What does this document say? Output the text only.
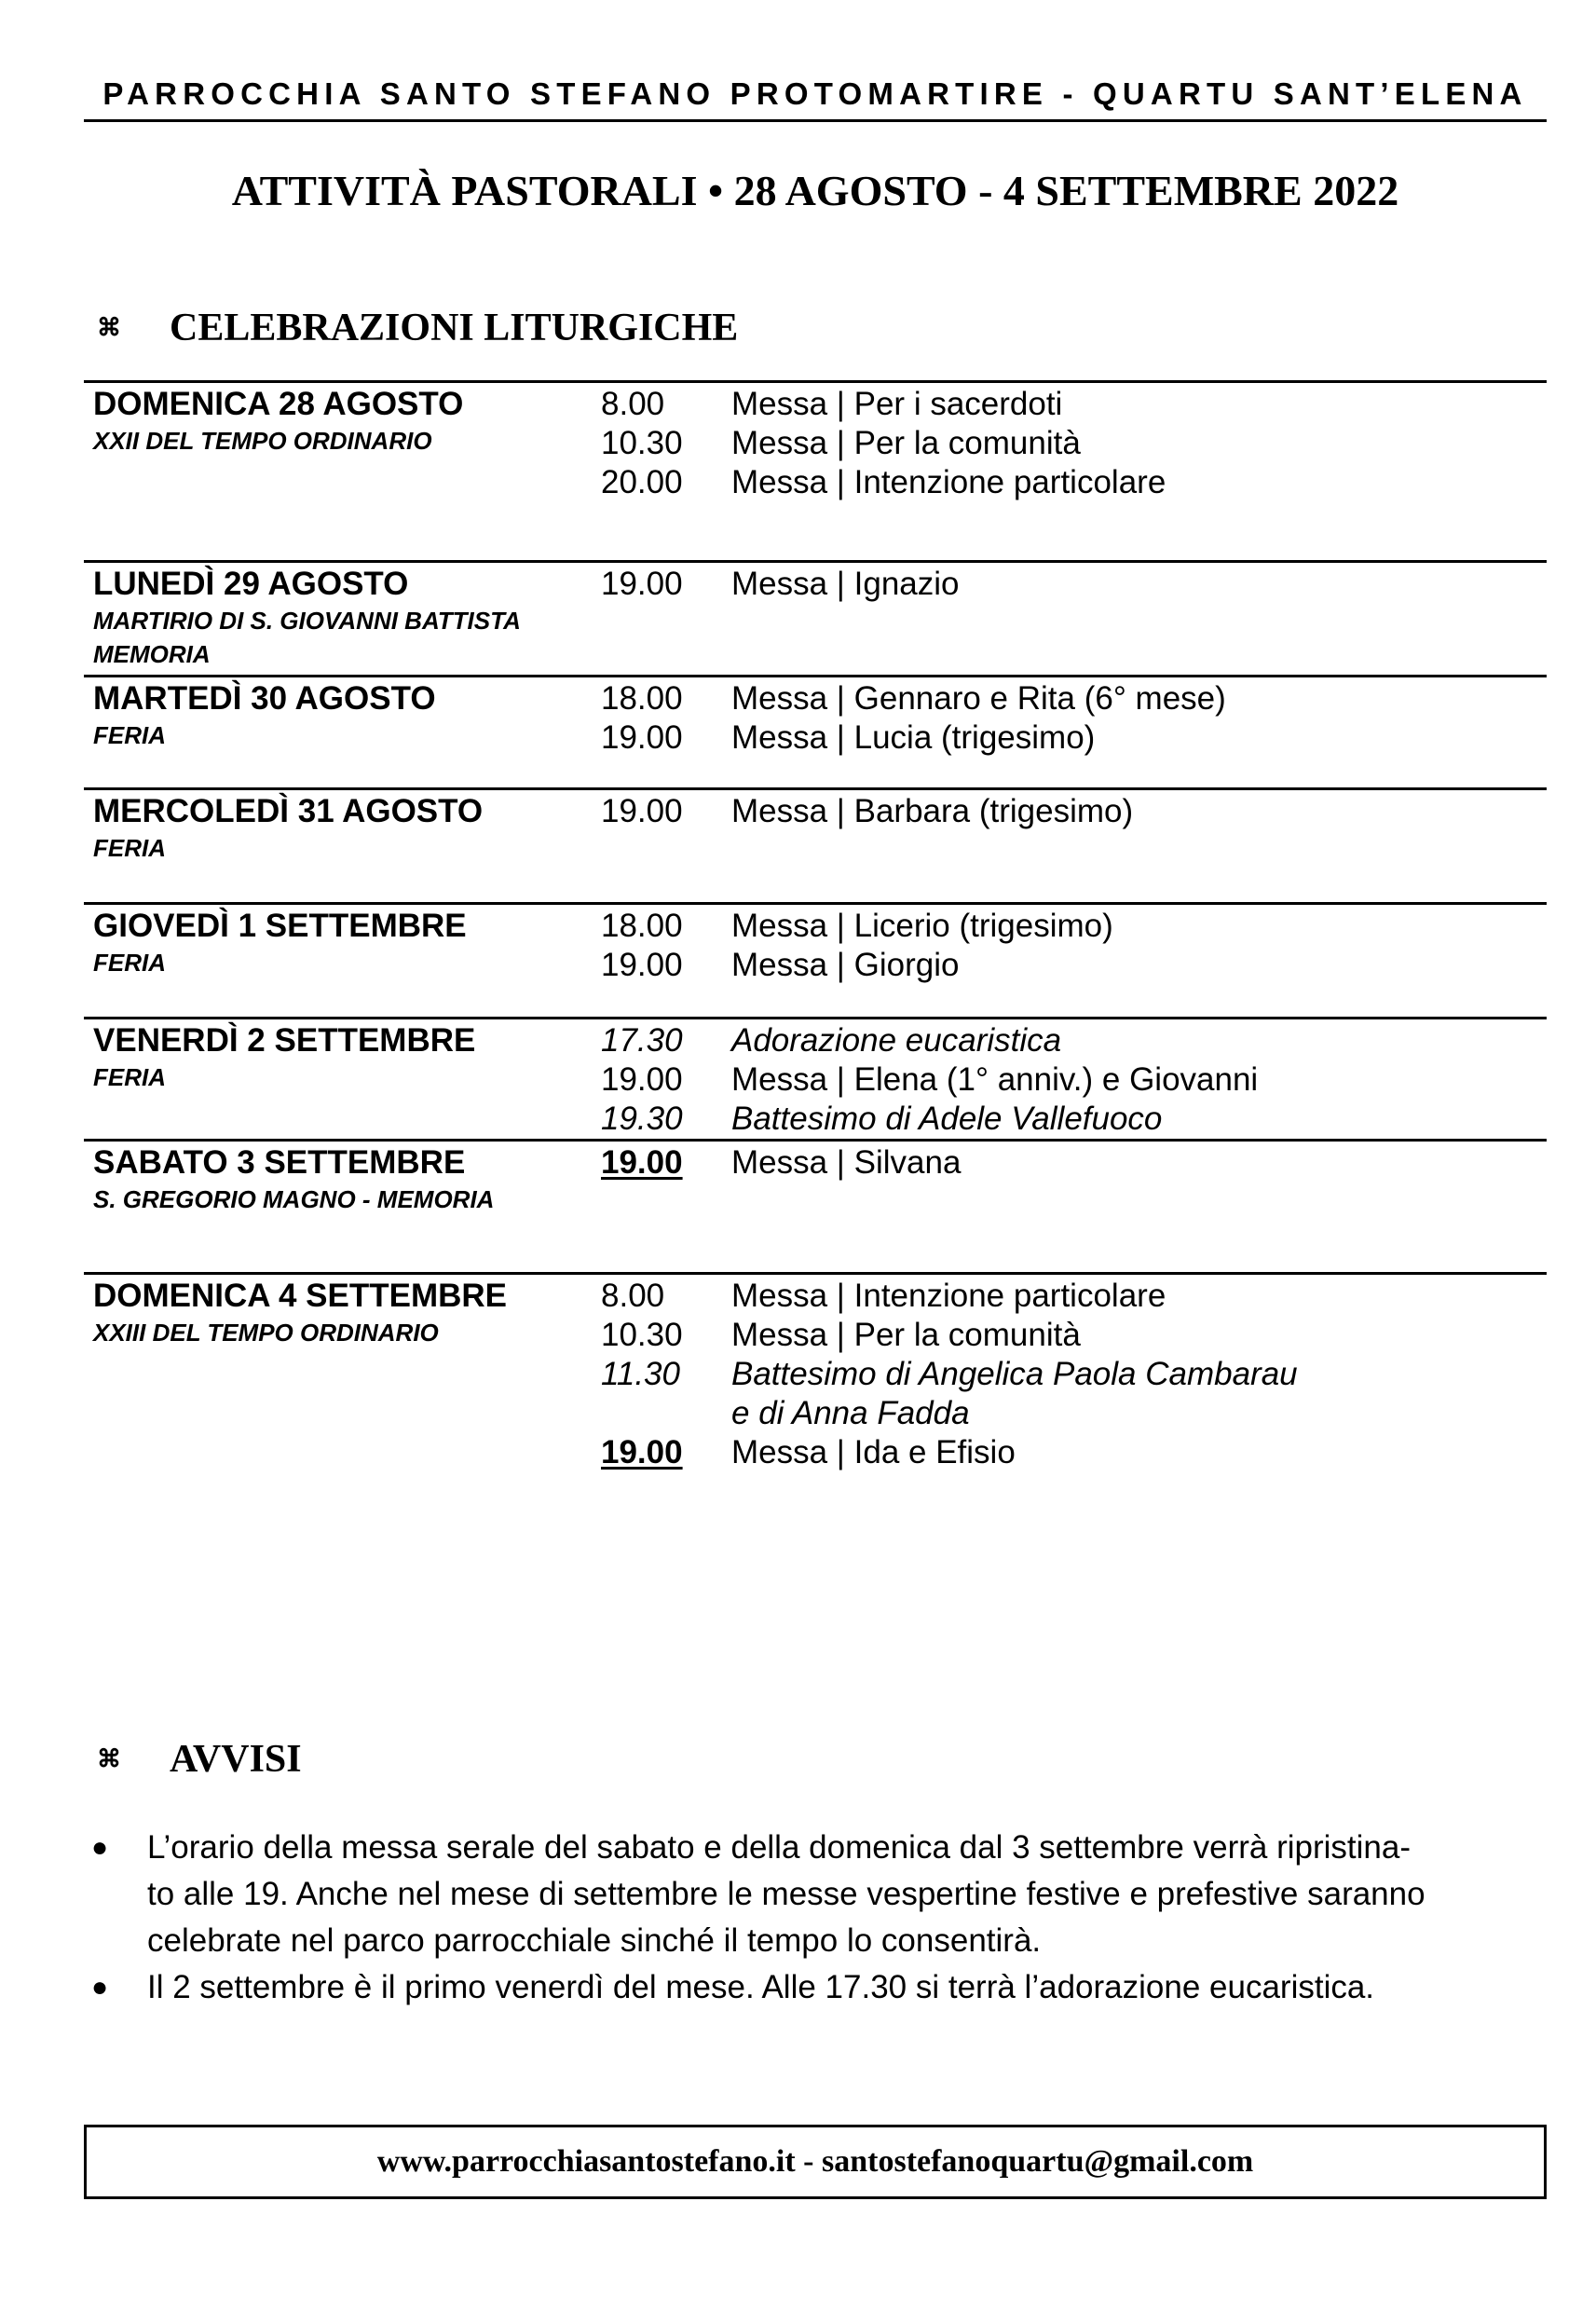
PARROCCHIA SANTO STEFANO PROTOMARTIRE - QUARTU SANT’ELENA
ATTIVITÀ PASTORALI • 28 AGOSTO - 4 SETTEMBRE 2022
⌘ CELEBRAZIONI LITURGICHE
DOMENICA 28 AGOSTO
XXII DEL TEMPO ORDINARIO
8.00	Messa | Per i sacerdoti
10.30	Messa | Per la comunità
20.00	Messa | Intenzione particolare
LUNEDÌ 29 AGOSTO
MARTIRIO DI S. GIOVANNI BATTISTA
MEMORIA
19.00	Messa | Ignazio
MARTEDÌ 30 AGOSTO
FERIA
18.00	Messa | Gennaro e Rita (6° mese)
19.00	Messa | Lucia (trigesimo)
MERCOLEDÌ 31 AGOSTO
FERIA
19.00	Messa | Barbara (trigesimo)
GIOVEDÌ 1 SETTEMBRE
FERIA
18.00	Messa | Licerio (trigesimo)
19.00	Messa | Giorgio
VENERDÌ 2 SETTEMBRE
FERIA
17.30	Adorazione eucaristica
19.00	Messa | Elena (1° anniv.) e Giovanni
19.30	Battesimo di Adele Vallefuoco
SABATO 3 SETTEMBRE
S. GREGORIO MAGNO - MEMORIA
19.00	Messa | Silvana
DOMENICA 4 SETTEMBRE
XXIII DEL TEMPO ORDINARIO
8.00	Messa | Intenzione particolare
10.30	Messa | Per la comunità
11.30	Battesimo di Angelica Paola Cambarau
e di Anna Fadda
19.00	Messa | Ida e Efisio
⌘ AVVISI
● L’orario della messa serale del sabato e della domenica dal 3 settembre verrà ripristina-
to alle 19. Anche nel mese di settembre le messe vespertine festive e prefestive saranno
celebrate nel parco parrocchiale sinché il tempo lo consentirà.
● Il 2 settembre è il primo venerdì del mese. Alle 17.30 si terrà l’adorazione eucaristica.
www.parrocchiasantostefano.it - santostefanoquartu@gmail.com
